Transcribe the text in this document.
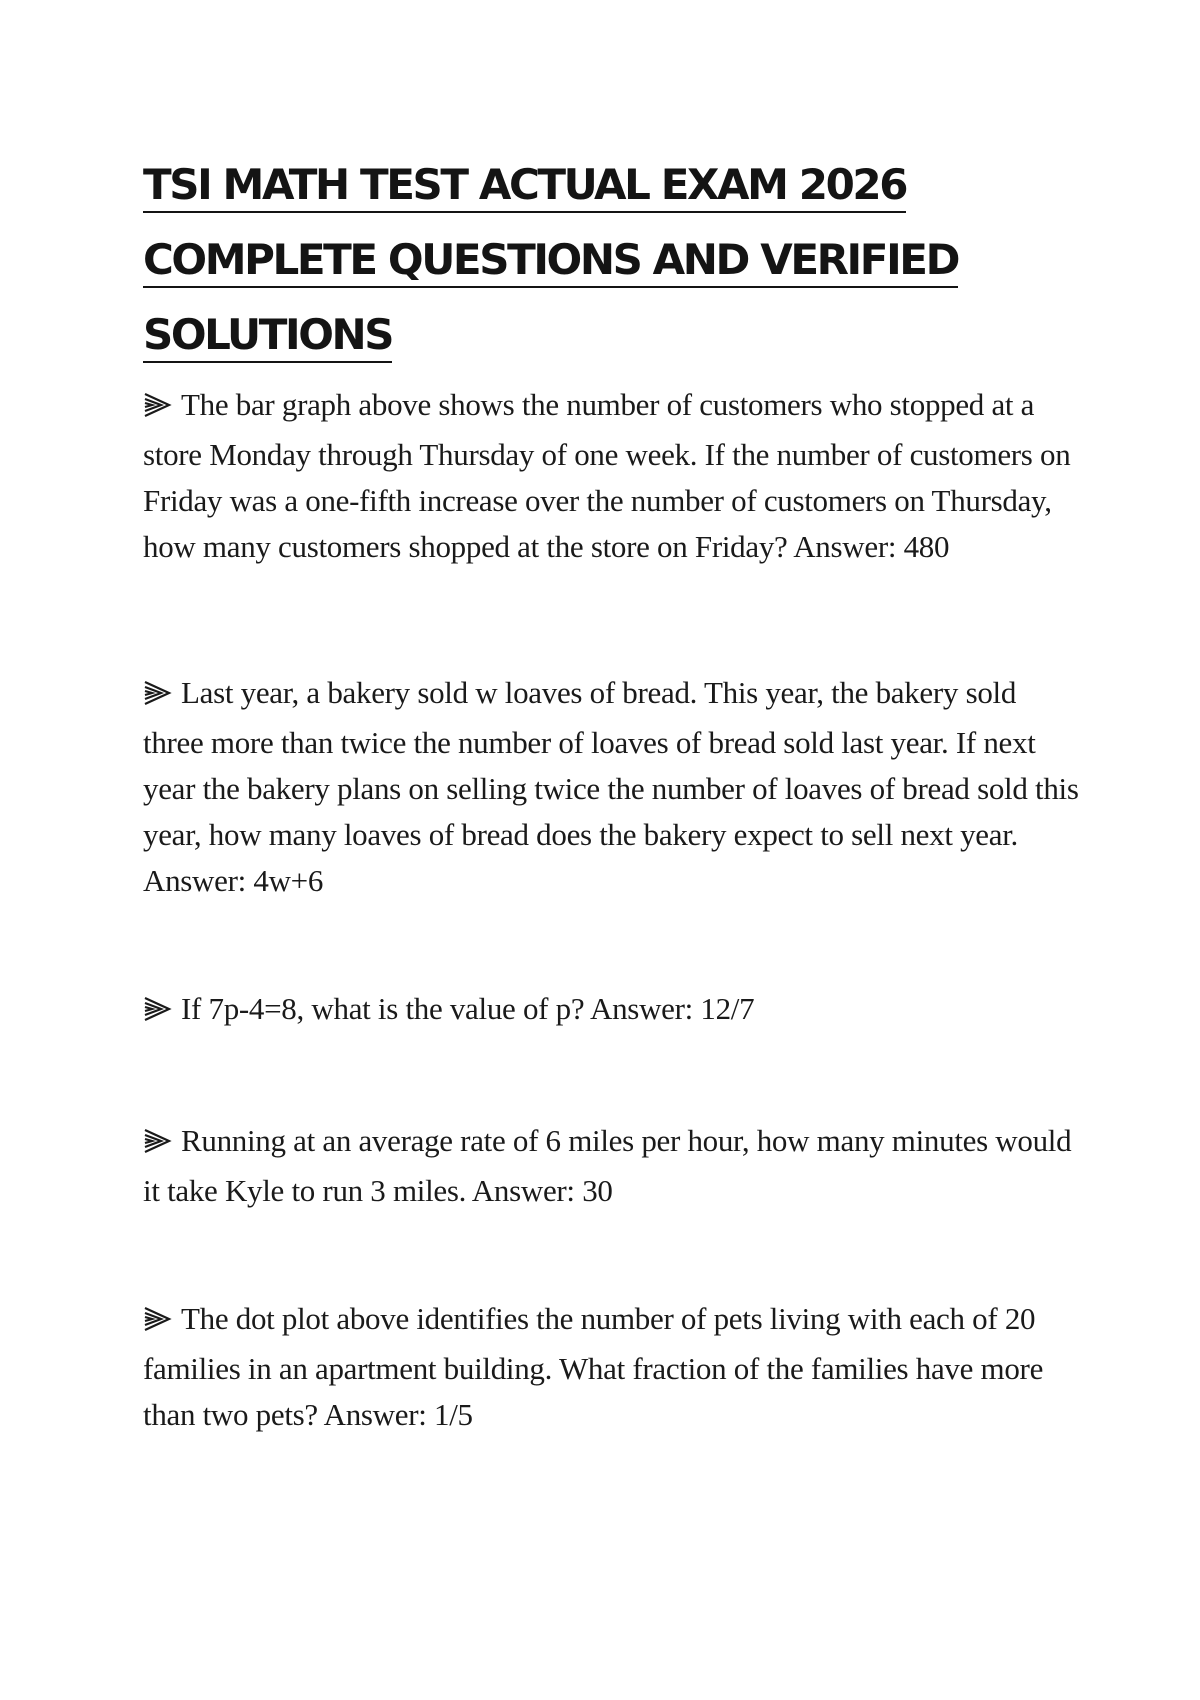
TSI MATH TEST ACTUAL EXAM 2026
COMPLETE QUESTIONS AND VERIFIED
SOLUTIONS

The bar graph above shows the number of customers who stopped at a store Monday through Thursday of one week. If the number of customers on Friday was a one-fifth increase over the number of customers on Thursday, how many customers shopped at the store on Friday? Answer: 480

Last year, a bakery sold w loaves of bread. This year, the bakery sold three more than twice the number of loaves of bread sold last year. If next year the bakery plans on selling twice the number of loaves of bread sold this year, how many loaves of bread does the bakery expect to sell next year. Answer: 4w+6

If 7p-4=8, what is the value of p? Answer: 12/7

Running at an average rate of 6 miles per hour, how many minutes would it take Kyle to run 3 miles. Answer: 30

The dot plot above identifies the number of pets living with each of 20 families in an apartment building. What fraction of the families have more than two pets? Answer: 1/5
